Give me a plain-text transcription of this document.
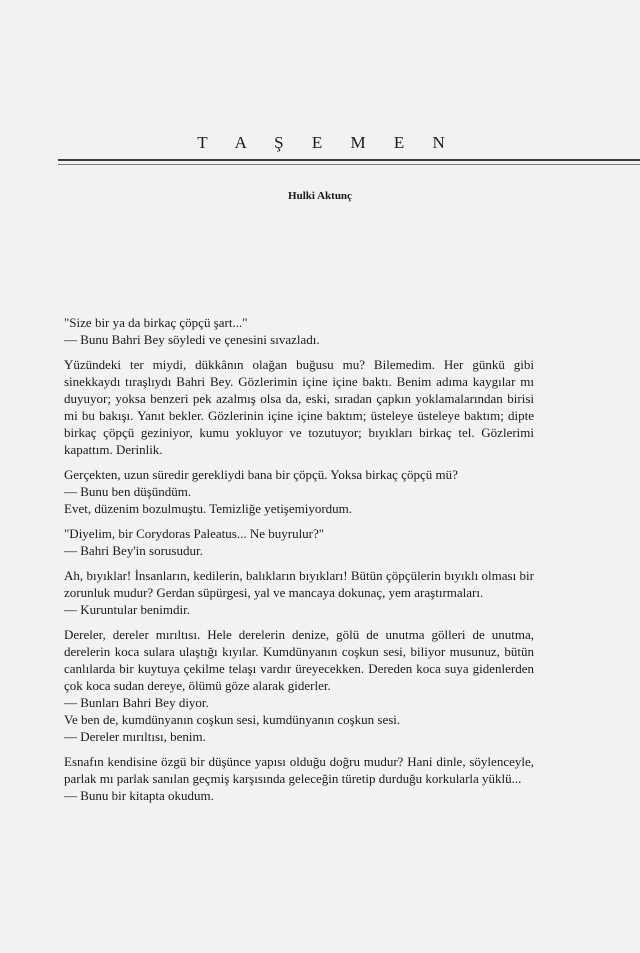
T A Ş E M E N
Hulki Aktunç

"Size bir ya da birkaç çöpçü şart..."
— Bunu Bahri Bey söyledi ve çenesini sıvazladı.

Yüzündeki ter miydi, dükkânın olağan buğusu mu? Bilemedim. Her günkü gibi sinekkaydı tıraşlıydı Bahri Bey. Gözlerimin içine içine baktı. Benim adıma kaygılar mı duyuyor; yoksa benzeri pek azalmış olsa da, eski, sıradan çapkın yoklamalarından birisi mi bu bakışı. Yanıt bekler. Gözlerinin içine içine baktım; üsteleye üsteleye baktım; dipte birkaç çöpçü geziniyor, kumu yokluyor ve tozutuyor; bıyıkları birkaç tel. Gözlerimi kapattım. Derinlik.

Gerçekten, uzun süredir gerekliydi bana bir çöpçü. Yoksa birkaç çöpçü mü?
— Bunu ben düşündüm.
Evet, düzenim bozulmuştu. Temizliğe yetişemiyordum.

"Diyelim, bir Corydoras Paleatus... Ne buyrulur?"
— Bahri Bey'in sorusudur.

Ah, bıyıklar! İnsanların, kedilerin, balıkların bıyıkları! Bütün çöpçülerin bıyıklı olması bir zorunluk mudur? Gerdan süpürgesi, yal ve mancaya dokunaç, yem araştırmaları.
— Kuruntular benimdir.

Dereler, dereler mırıltısı. Hele derelerin denize, gölü de unutma gölleri de unutma, derelerin koca sulara ulaştığı kıyılar. Kumdünyanın coşkun sesi, biliyor musunuz, bütün canlılarda bir kuytuya çekilme telaşı vardır üreyecekken. Dereden koca suya gidenlerden çok koca sudan dereye, ölümü göze alarak giderler.
— Bunları Bahri Bey diyor.
Ve ben de, kumdünyanın coşkun sesi, kumdünyanın coşkun sesi.
— Dereler mırıltısı, benim.

Esnafın kendisine özgü bir düşünce yapısı olduğu doğru mudur? Hani dinle, söylenceyle, parlak mı parlak sanılan geçmiş karşısında geleceğin türetip durduğu korkularla yüklü...
— Bunu bir kitapta okudum.
